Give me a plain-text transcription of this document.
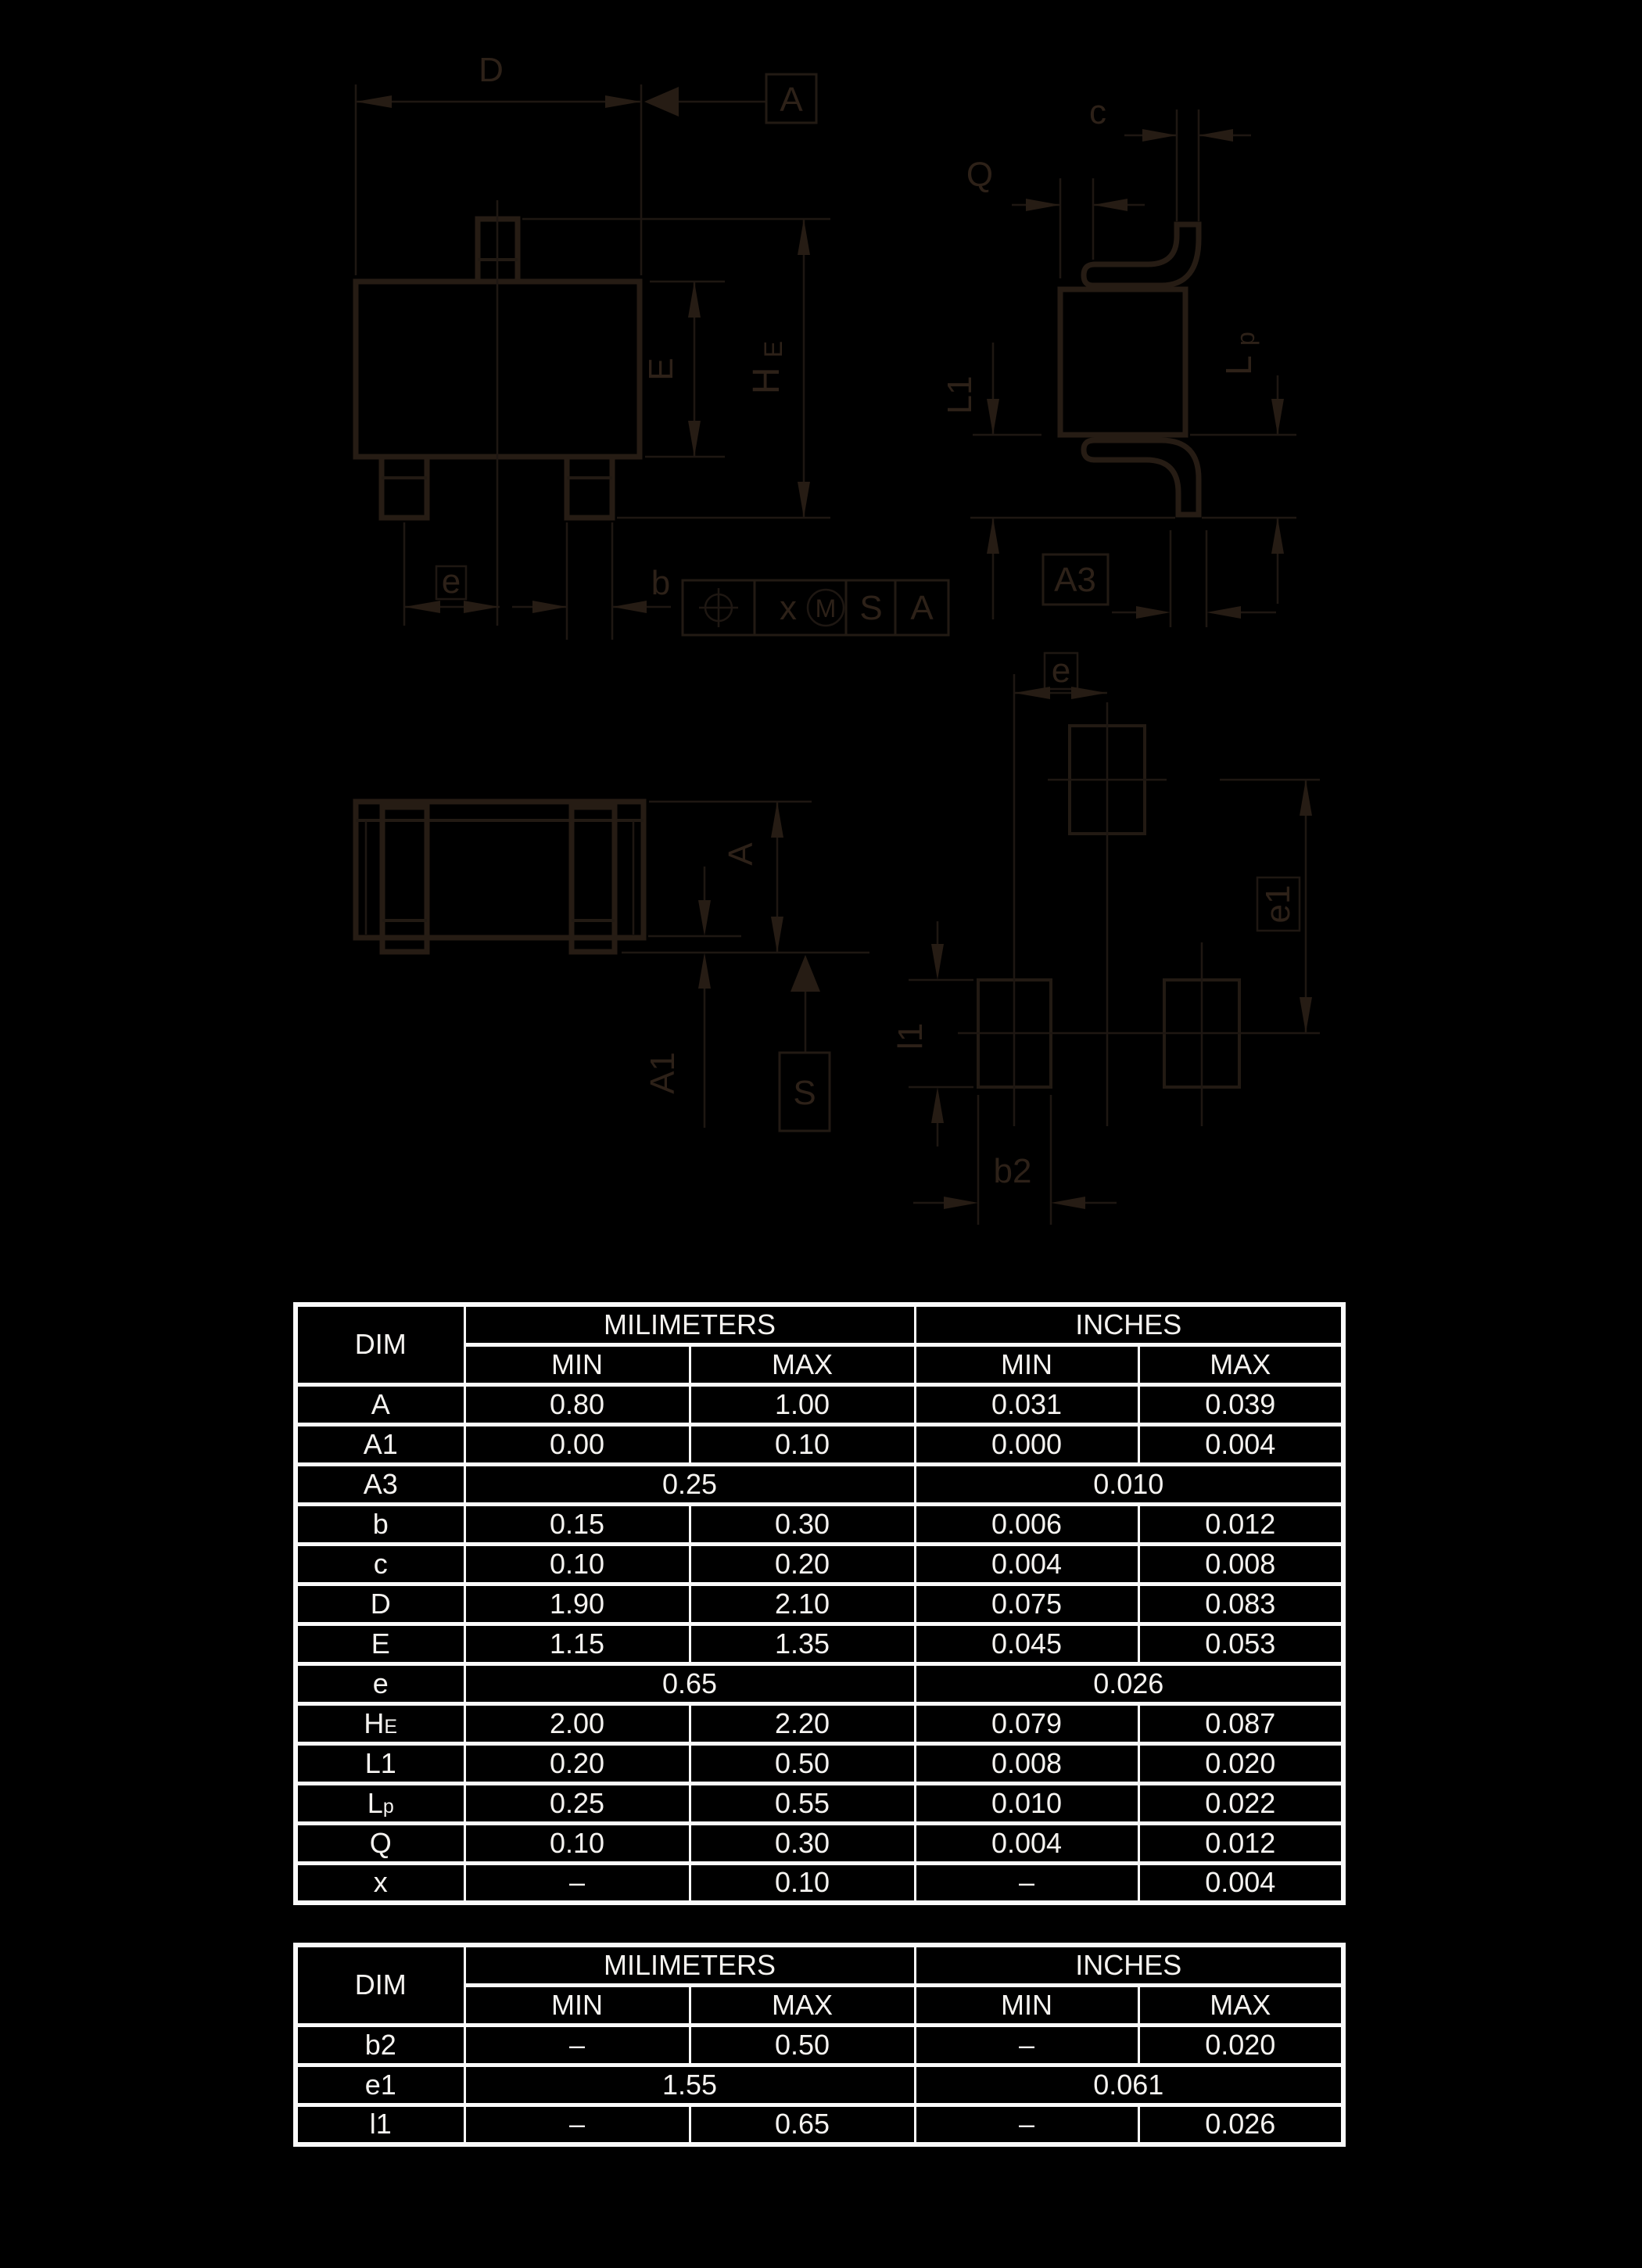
D
A
E H E
e	b
x M S A
c
Q
L1
L p
A3
e
e1
l1
b2
A
A1	S
DIM	MILIMETERS		INCHES	
	MIN	MAX	MIN	MAX
A	0.80	1.00	0.031	0.039
A1	0.00	0.10	0.000	0.004
A3	0.25		0.010	
b	0.15	0.30	0.006	0.012
c	0.10	0.20	0.004	0.008
D	1.90	2.10	0.075	0.083
E	1.15	1.35	0.045	0.053
e	0.65		0.026	
HE	2.00	2.20	0.079	0.087
L1	0.20	0.50	0.008	0.020
Lp	0.25	0.55	0.010	0.022
Q	0.10	0.30	0.004	0.012
x	–	0.10	–	0.004
DIM	MILIMETERS		INCHES	
	MIN	MAX	MIN	MAX
b2	–	0.50	–	0.020
e1	1.55		0.061	
l1	–	0.65	–	0.026
